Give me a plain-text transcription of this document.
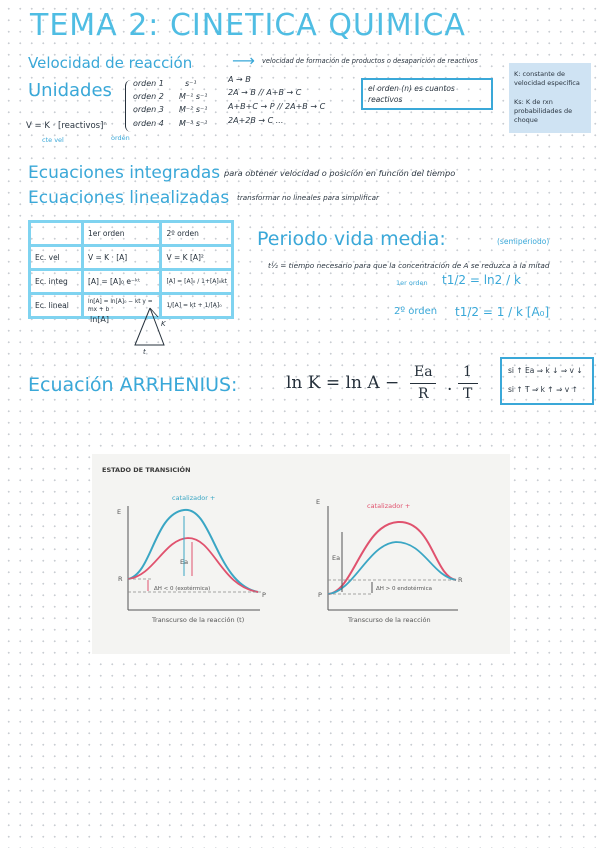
TEMA 2: CINETICA QUIMICA
Velocidad de reacción ⟶ velocidad de formación de productos o desaparición de reactivos
Unidades	orden 1	s⁻¹	A → B
orden 2 M⁻¹ s⁻¹	2A → B // A+B → C
orden 3 M⁻² s⁻¹	A+B+C → P // 2A+B → C
orden 4 M⁻³ s⁻¹	2A+2B → C ...
V = K · [reactivos]ⁿ
cte vel	orden
el orden (n) es cuantos reactivos
K: constante de velocidad específica
Ks: K de rxn probabilidades de choque
Ecuaciones integradas para obtener velocidad o posición en función del tiempo
Ecuaciones linealizadas transformar no lineales para simplificar
	1er orden	2º orden
Ec. vel	V = K · [A]	V = K [A]²
Ec. integ	[A] = [A]₀ e⁻ᵏᵗ	[A] = [A]₀ / 1+[A]₀kt
Ec. lineal	ln[A] = ln[A]₀ − kt y = mx + b	1/[A] = kt + 1/[A]₀
ln[A]	K
t
Periodo vida media:	(semiperiodo)
t½ = tiempo necesario para que la concentración de A se reduzca a la mitad
1er orden t1/2 = ln2 / k
2º orden t1/2 = 1 / k [A₀]
Ecuación ARRHENIUS:	ln K = ln A −
Ea
R ·
1
T
si ↑ Ea ⇒ k ↓ ⇒ v ↓
si ↑ T ⇒ k ↑ ⇒ v ↑
ESTADO DE TRANSICIÓN
catalizador +
E
Ea
R
P
ΔH < 0 (exotérmica)
Transcurso de la reacción (t)
catalizador +
E
Ea
P
R
ΔH > 0 endotérmica
Transcurso de la reacción
